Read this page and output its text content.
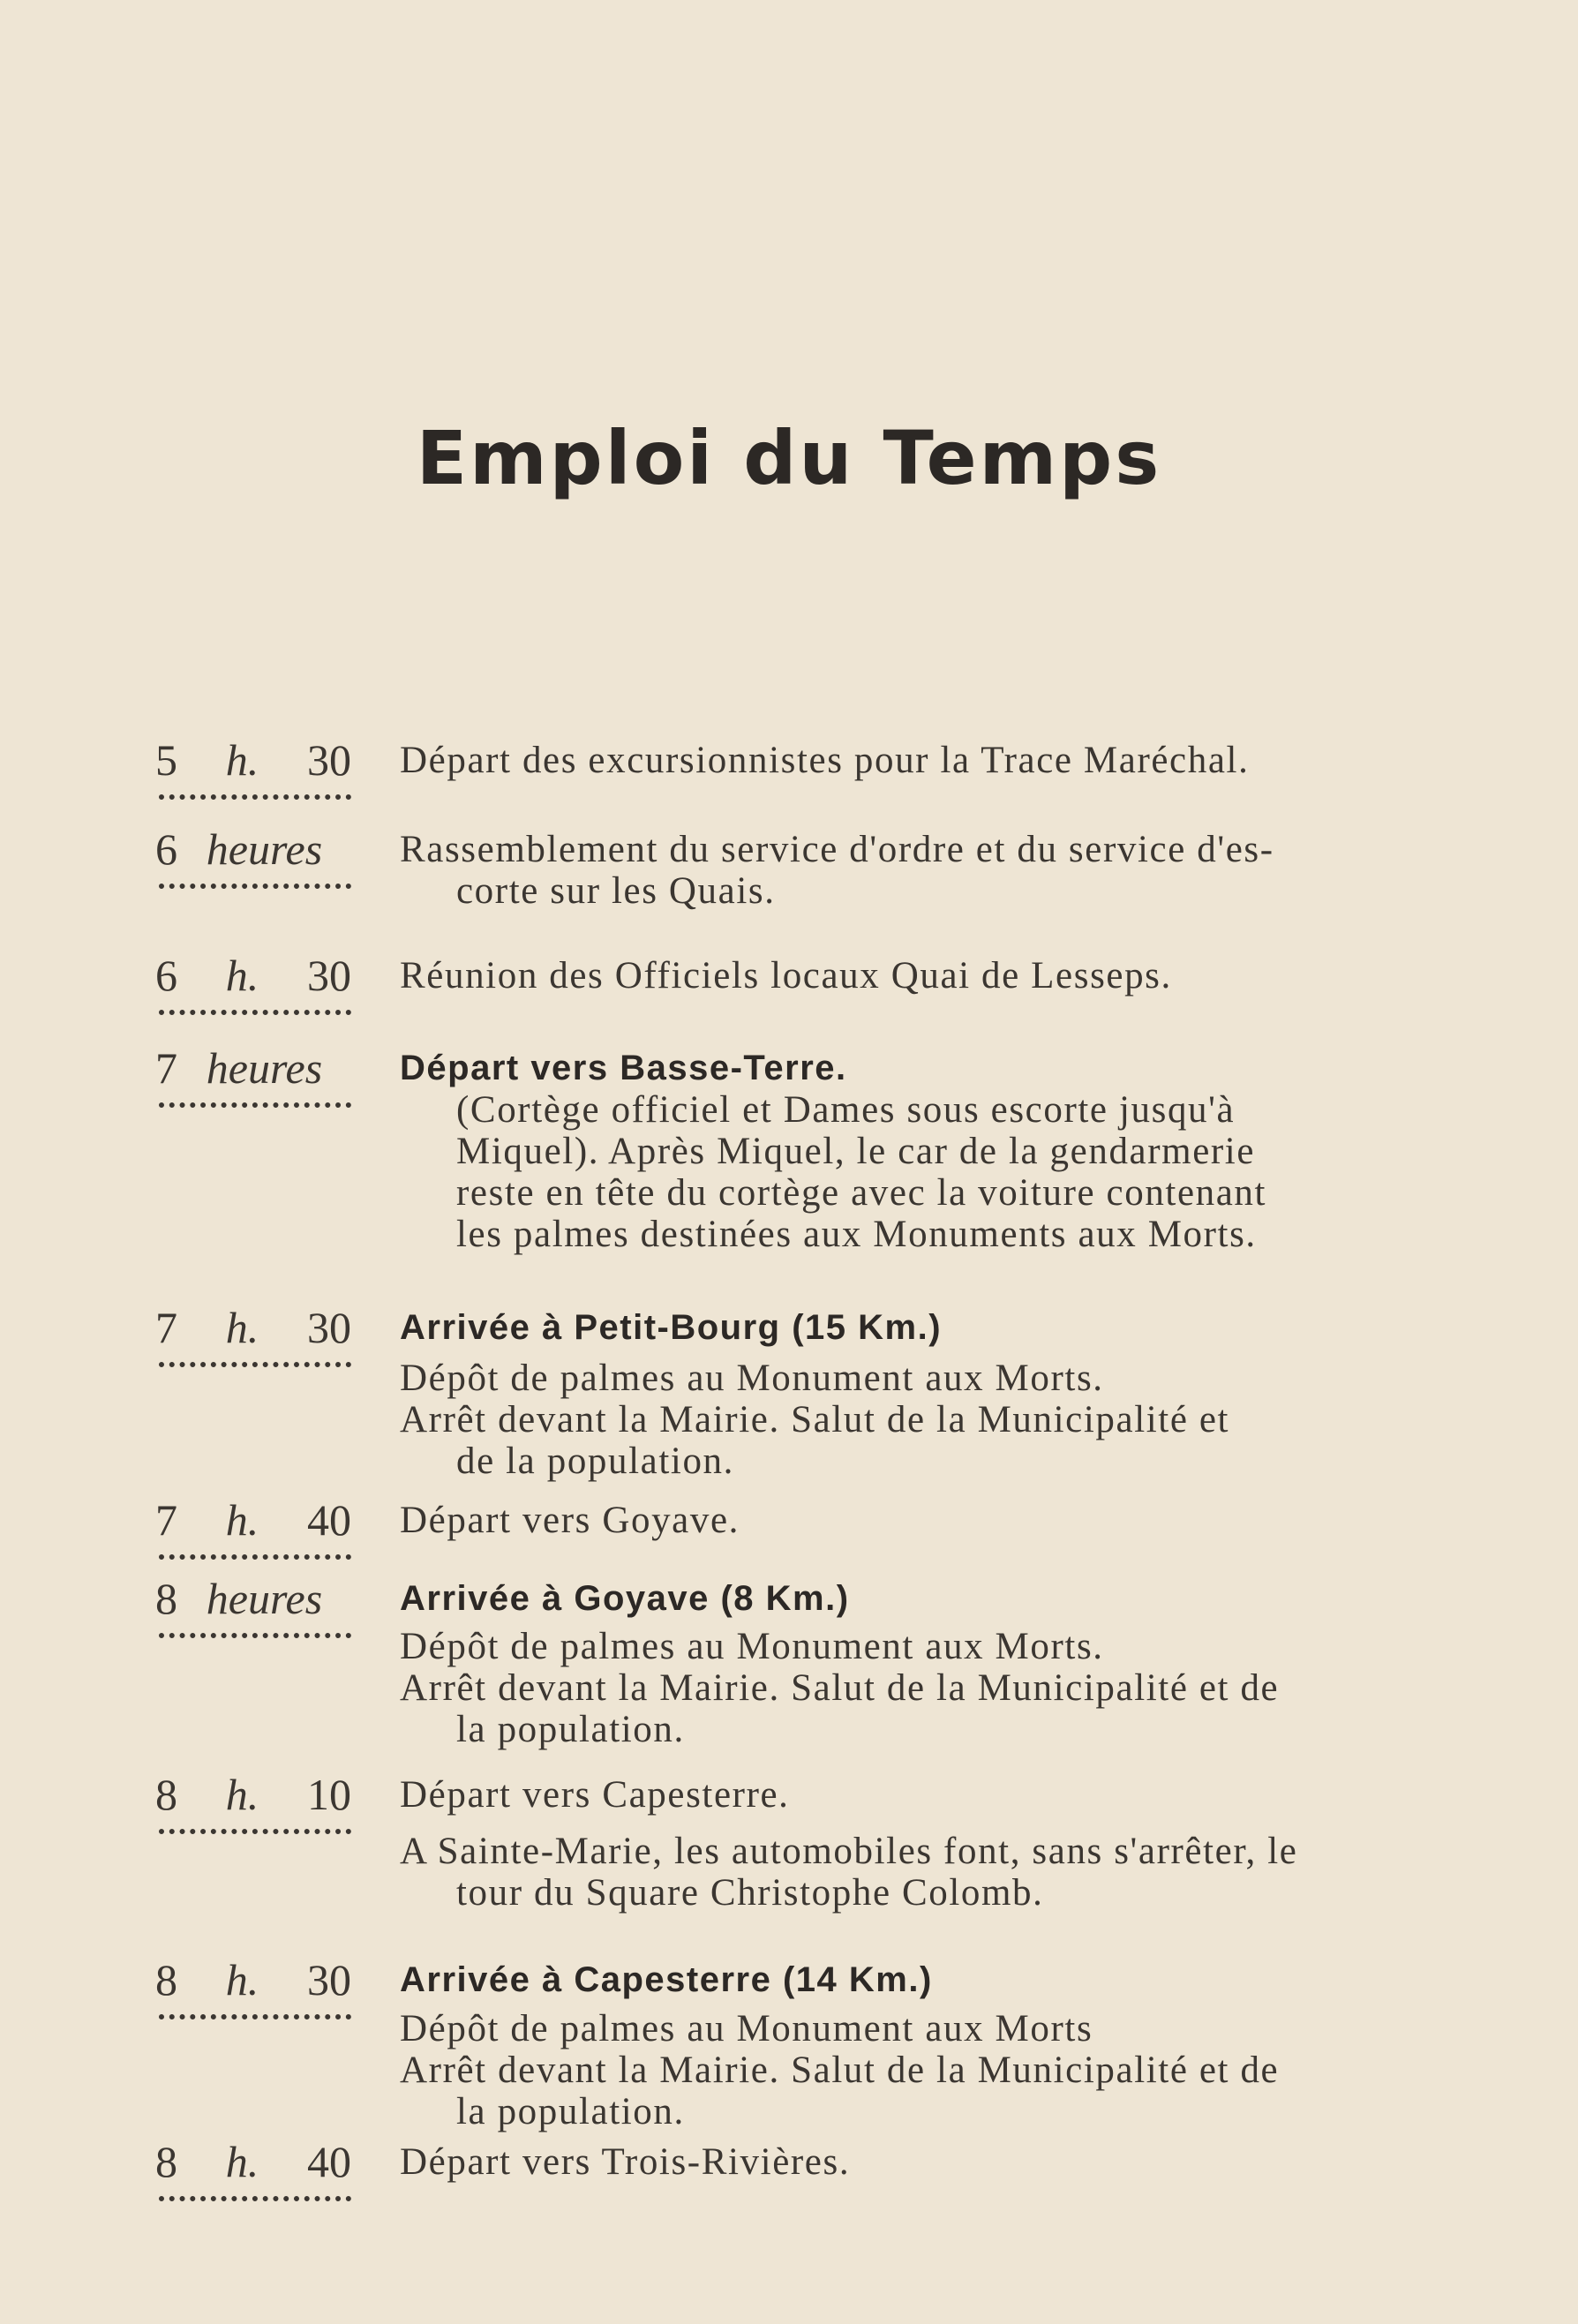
Emploi du Temps
5 h. 30 Départ des excursionnistes pour la Trace Maréchal.
6 heures Rassemblement du service d'ordre et du service d'es-
corte sur les Quais.
6 h. 30 Réunion des Officiels locaux Quai de Lesseps.
7 heures Départ vers Basse-Terre.
(Cortège officiel et Dames sous escorte jusqu'à
Miquel). Après Miquel, le car de la gendarmerie
reste en tête du cortège avec la voiture contenant
les palmes destinées aux Monuments aux Morts.
7 h. 30 Arrivée à Petit-Bourg (15 Km.)
Dépôt de palmes au Monument aux Morts.
Arrêt devant la Mairie. Salut de la Municipalité et
de la population.
7 h. 40 Départ vers Goyave.
8 heures Arrivée à Goyave (8 Km.)
Dépôt de palmes au Monument aux Morts.
Arrêt devant la Mairie. Salut de la Municipalité et de
la population.
8 h. 10 Départ vers Capesterre.
A Sainte-Marie, les automobiles font, sans s'arrêter, le
tour du Square Christophe Colomb.
8 h. 30 Arrivée à Capesterre (14 Km.)
Dépôt de palmes au Monument aux Morts
Arrêt devant la Mairie. Salut de la Municipalité et de
la population.
8 h. 40 Départ vers Trois-Rivières.
